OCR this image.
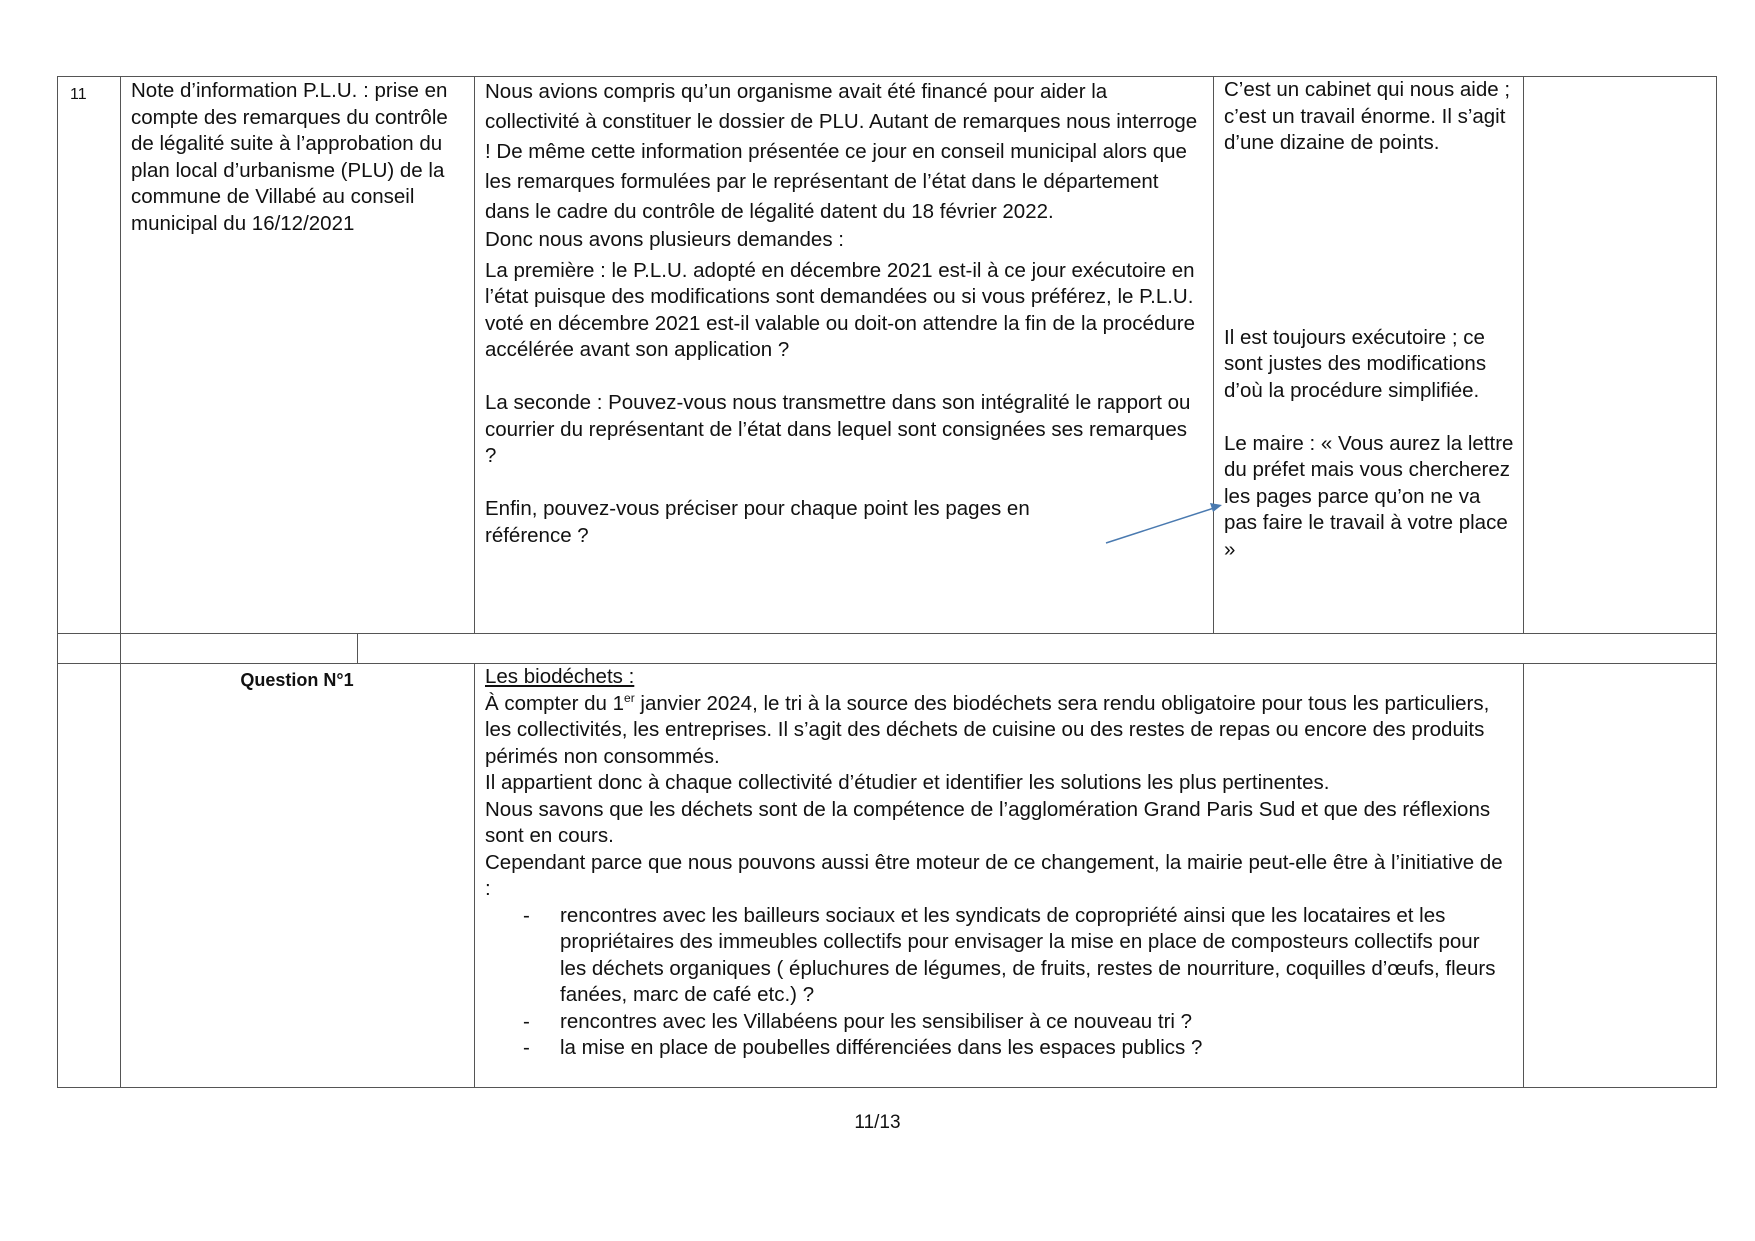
11 Note d’information P.L.U. : prise en compte des remarques du contrôle de légalité suite à l’approbation du plan local d’urbanisme (PLU) de la commune de Villabé au conseil municipal du 16/12/2021

Nous avions compris qu’un organisme avait été financé pour aider la collectivité à constituer le dossier de PLU. Autant de remarques nous interroge ! De même cette information présentée ce jour en conseil municipal alors que les remarques formulées par le représentant de l’état dans le département dans le cadre du contrôle de légalité datent du 18 février 2022.

Donc nous avons plusieurs demandes :

La première : le P.L.U. adopté en décembre 2021 est-il à ce jour exécutoire en l’état puisque des modifications sont demandées ou si vous préférez, le P.L.U. voté en décembre 2021 est-il valable ou doit-on attendre la fin de la procédure accélérée avant son application ?

La seconde : Pouvez-vous nous transmettre dans son intégralité le rapport ou courrier du représentant de l’état dans lequel sont consignées ses remarques ?

Enfin, pouvez-vous préciser pour chaque point les pages en référence ?

C’est un cabinet qui nous aide ; c’est un travail énorme. Il s’agit d’une dizaine de points.

Il est toujours exécutoire ; ce sont justes des modifications d’où la procédure simplifiée.

Le maire : « Vous aurez la lettre du préfet mais vous chercherez les pages parce qu’on ne va pas faire le travail à votre place »

Question N°1	Les biodéchets :

À compter du 1er janvier 2024, le tri à la source des biodéchets sera rendu obligatoire pour tous les particuliers, les collectivités, les entreprises. Il s’agit des déchets de cuisine ou des restes de repas ou encore des produits périmés non consommés.

Il appartient donc à chaque collectivité d’étudier et identifier les solutions les plus pertinentes.

Nous savons que les déchets sont de la compétence de l’agglomération Grand Paris Sud et que des réflexions sont en cours.

Cependant parce que nous pouvons aussi être moteur de ce changement, la mairie peut-elle être à l’initiative de :

- rencontres avec les bailleurs sociaux et les syndicats de copropriété ainsi que les locataires et les propriétaires des immeubles collectifs pour envisager la mise en place de composteurs collectifs pour les déchets organiques ( épluchures de légumes, de fruits, restes de nourriture, coquilles d’œufs, fleurs fanées, marc de café etc.) ?
- rencontres avec les Villabéens pour les sensibiliser à ce nouveau tri ?
- la mise en place de poubelles différenciées dans les espaces publics ?
11/13
